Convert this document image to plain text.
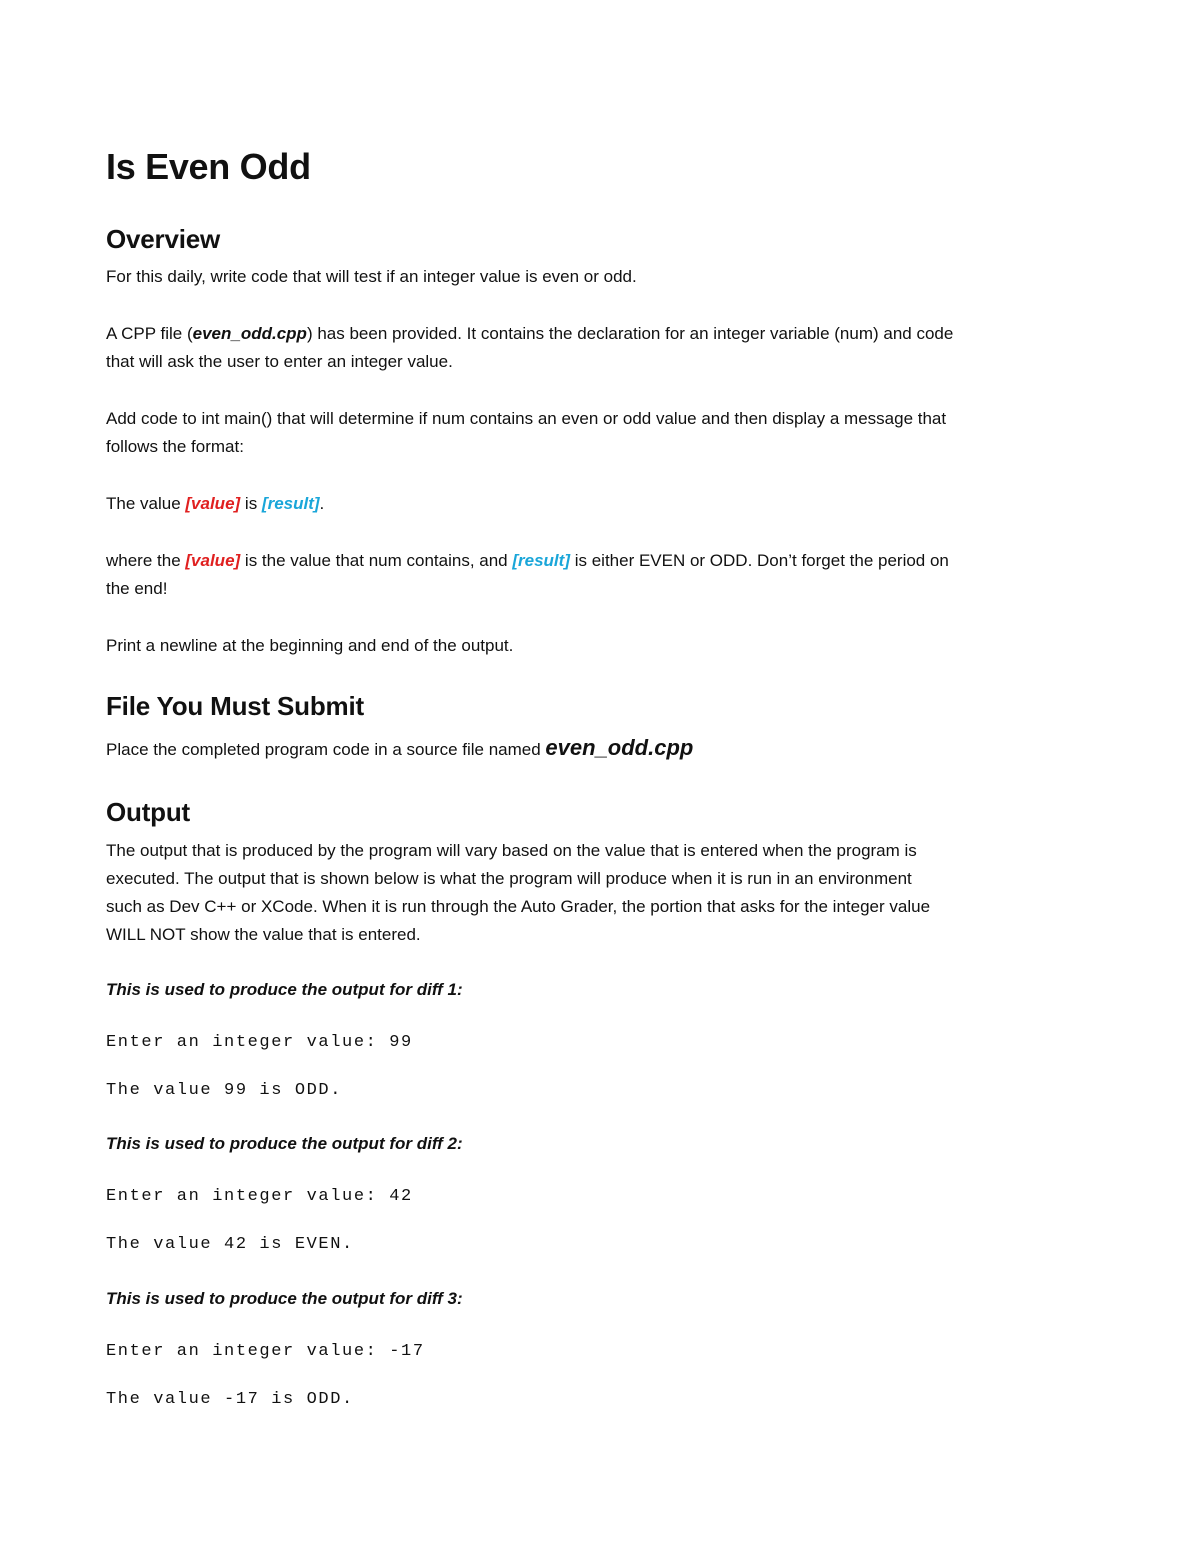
Is Even Odd
Overview
For this daily, write code that will test if an integer value is even or odd.
A CPP file (even_odd.cpp) has been provided. It contains the declaration for an integer variable (num) and code
that will ask the user to enter an integer value.
Add code to int main() that will determine if num contains an even or odd value and then display a message that
follows the format:
The value [value] is [result].
where the [value] is the value that num contains, and [result] is either EVEN or ODD. Don’t forget the period on
the end!
Print a newline at the beginning and end of the output.
File You Must Submit
Place the completed program code in a source file named even_odd.cpp
Output
The output that is produced by the program will vary based on the value that is entered when the program is
executed. The output that is shown below is what the program will produce when it is run in an environment
such as Dev C++ or XCode. When it is run through the Auto Grader, the portion that asks for the integer value
WILL NOT show the value that is entered.
This is used to produce the output for diff 1:
Enter an integer value: 99
The value 99 is ODD.
This is used to produce the output for diff 2:
Enter an integer value: 42
The value 42 is EVEN.
This is used to produce the output for diff 3:
Enter an integer value: -17
The value -17 is ODD.
